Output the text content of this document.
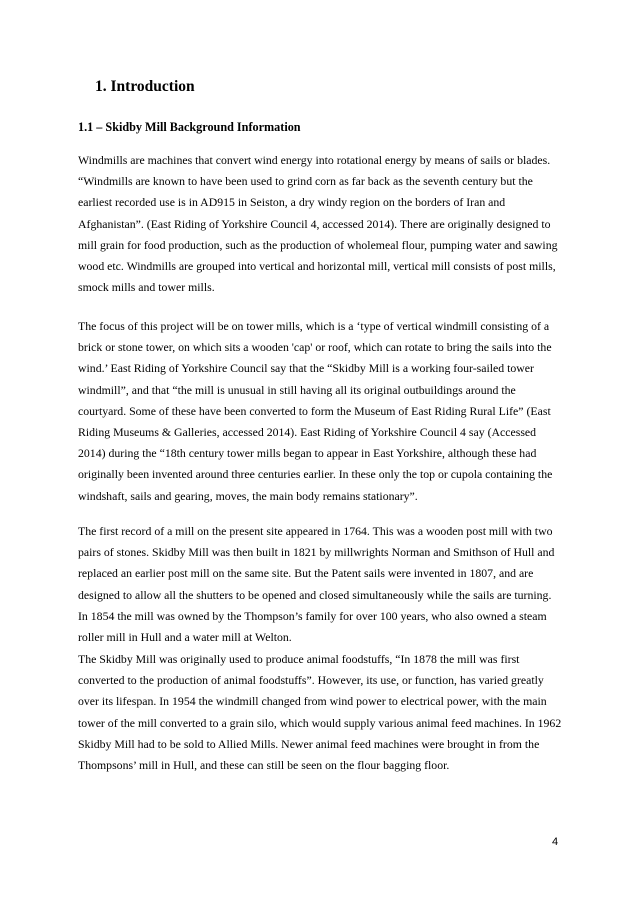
1. Introduction
1.1 – Skidby Mill Background Information
Windmills are machines that convert wind energy into rotational energy by means of sails or blades.
“Windmills are known to have been used to grind corn as far back as the seventh century but the
earliest recorded use is in AD915 in Seiston, a dry windy region on the borders of Iran and
Afghanistan”. (East Riding of Yorkshire Council 4, accessed 2014). There are originally designed to
mill grain for food production, such as the production of wholemeal flour, pumping water and sawing
wood etc. Windmills are grouped into vertical and horizontal mill, vertical mill consists of post mills,
smock mills and tower mills.
The focus of this project will be on tower mills, which is a ‘type of vertical windmill consisting of a
brick or stone tower, on which sits a wooden 'cap' or roof, which can rotate to bring the sails into the
wind.’ East Riding of Yorkshire Council say that the “Skidby Mill is a working four-sailed tower
windmill”, and that “the mill is unusual in still having all its original outbuildings around the
courtyard. Some of these have been converted to form the Museum of East Riding Rural Life” (East
Riding Museums & Galleries, accessed 2014). East Riding of Yorkshire Council 4 say (Accessed
2014) during the “18th century tower mills began to appear in East Yorkshire, although these had
originally been invented around three centuries earlier. In these only the top or cupola containing the
windshaft, sails and gearing, moves, the main body remains stationary”.
The first record of a mill on the present site appeared in 1764. This was a wooden post mill with two
pairs of stones. Skidby Mill was then built in 1821 by millwrights Norman and Smithson of Hull and
replaced an earlier post mill on the same site. But the Patent sails were invented in 1807, and are
designed to allow all the shutters to be opened and closed simultaneously while the sails are turning.
In 1854 the mill was owned by the Thompson’s family for over 100 years, who also owned a steam
roller mill in Hull and a water mill at Welton.
The Skidby Mill was originally used to produce animal foodstuffs, “In 1878 the mill was first
converted to the production of animal foodstuffs”. However, its use, or function, has varied greatly
over its lifespan. In 1954 the windmill changed from wind power to electrical power, with the main
tower of the mill converted to a grain silo, which would supply various animal feed machines. In 1962
Skidby Mill had to be sold to Allied Mills. Newer animal feed machines were brought in from the
Thompsons’ mill in Hull, and these can still be seen on the flour bagging floor.
4
